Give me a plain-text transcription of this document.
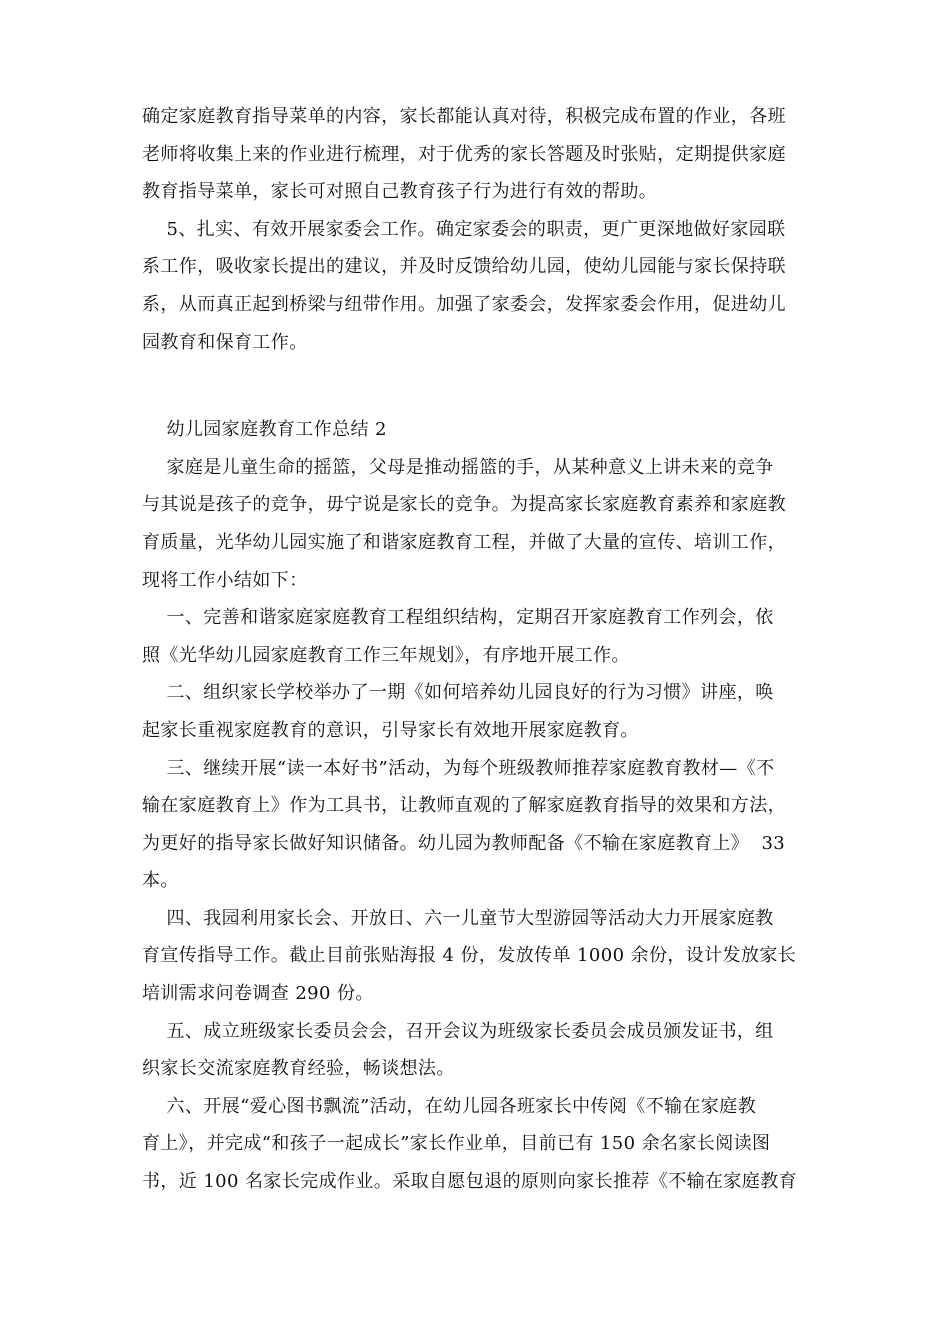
确定家庭教育指导菜单的内容，家长都能认真对待，积极完成布置的作业，各班
老师将收集上来的作业进行梳理，对于优秀的家长答题及时张贴，定期提供家庭
教育指导菜单，家长可对照自己教育孩子行为进行有效的帮助。
5、扎实、有效开展家委会工作。确定家委会的职责，更广更深地做好家园联
系工作，吸收家长提出的建议，并及时反馈给幼儿园，使幼儿园能与家长保持联
系，从而真正起到桥梁与纽带作用。加强了家委会，发挥家委会作用，促进幼儿
园教育和保育工作。
幼儿园家庭教育工作总结 2
家庭是儿童生命的摇篮，父母是推动摇篮的手，从某种意义上讲未来的竞争
与其说是孩子的竞争，毋宁说是家长的竞争。为提高家长家庭教育素养和家庭教
育质量，光华幼儿园实施了和谐家庭教育工程，并做了大量的宣传、培训工作，
现将工作小结如下：
一、完善和谐家庭家庭教育工程组织结构，定期召开家庭教育工作列会，依
照《光华幼儿园家庭教育工作三年规划》，有序地开展工作。
二、组织家长学校举办了一期《如何培养幼儿园良好的行为习惯》讲座，唤
起家长重视家庭教育的意识，引导家长有效地开展家庭教育。
三、继续开展“读一本好书”活动，为每个班级教师推荐家庭教育教材—《不
输在家庭教育上》作为工具书，让教师直观的了解家庭教育指导的效果和方法，
为更好的指导家长做好知识储备。幼儿园为教师配备《不输在家庭教育上》  33
本。
四、我园利用家长会、开放日、六一儿童节大型游园等活动大力开展家庭教
育宣传指导工作。截止目前张贴海报 4 份，发放传单 1000 余份，设计发放家长
培训需求问卷调查 290 份。
五、成立班级家长委员会会，召开会议为班级家长委员会成员颁发证书，组
织家长交流家庭教育经验，畅谈想法。
六、开展“爱心图书飘流”活动，在幼儿园各班家长中传阅《不输在家庭教
育上》，并完成“和孩子一起成长”家长作业单，目前已有 150 余名家长阅读图
书，近 100 名家长完成作业。采取自愿包退的原则向家长推荐《不输在家庭教育
